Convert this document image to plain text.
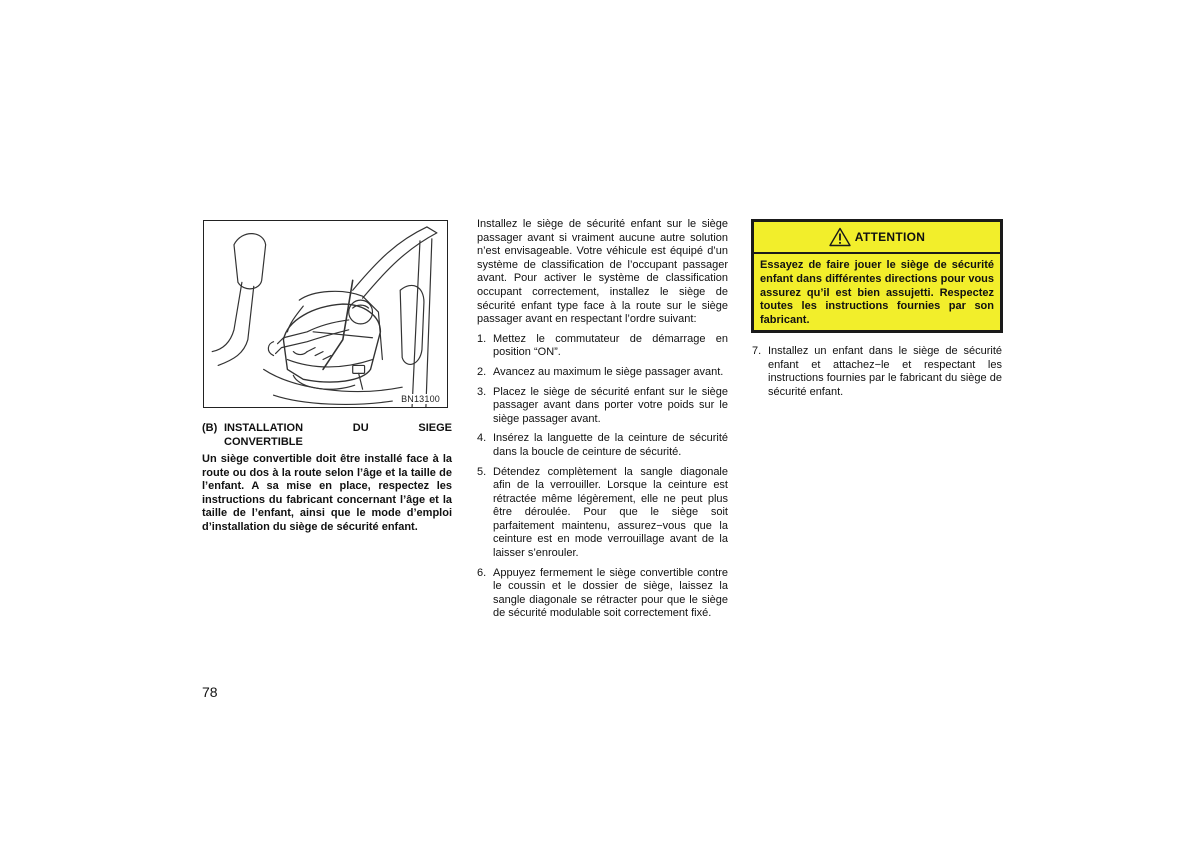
BN13100
(B) INSTALLATION	DU	SIEGE
CONVERTIBLE

Un siège convertible doit être installé face à la route ou dos à la route selon l’âge et la taille de l’enfant. A sa mise en place, respectez les instructions du fabricant concernant l’âge et la taille de l’enfant, ainsi que le mode d’emploi d’installation du siège de sécurité enfant.

78

Installez le siège de sécurité enfant sur le siège passager avant si vraiment aucune autre solution n’est envisageable. Votre véhicule est équipé d’un système de classification de l’occupant passager avant. Pour activer le système de classification occupant correctement, installez le siège de sécurité enfant type face à la route sur le siège passager avant en respectant l’ordre suivant:

1. Mettez le commutateur de démarrage en position “ON”.
2. Avancez au maximum le siège passager avant.
3. Placez le siège de sécurité enfant sur le siège passager avant dans porter votre poids sur le siège passager avant.
4. Insérez la languette de la ceinture de sécurité dans la boucle de ceinture de sécurité.
5. Détendez complètement la sangle diagonale afin de la verrouiller. Lorsque la ceinture est rétractée même légèrement, elle ne peut plus être déroulée. Pour que le siège soit parfaitement maintenu, assurez−vous que la ceinture est en mode verrouillage avant de la laisser s’enrouler.
6. Appuyez fermement le siège convertible contre le coussin et le dossier de siège, laissez la sangle diagonale se rétracter pour que le siège de sécurité modulable soit correctement fixé.
ATTENTION

Essayez de faire jouer le siège de sécurité enfant dans différentes directions pour vous assurez qu’il est bien assujetti. Respectez toutes les instructions fournies par son fabricant.

7. Installez un enfant dans le siège de sécurité enfant et attachez−le et respectant les instructions fournies par le fabricant du siège de sécurité enfant.
